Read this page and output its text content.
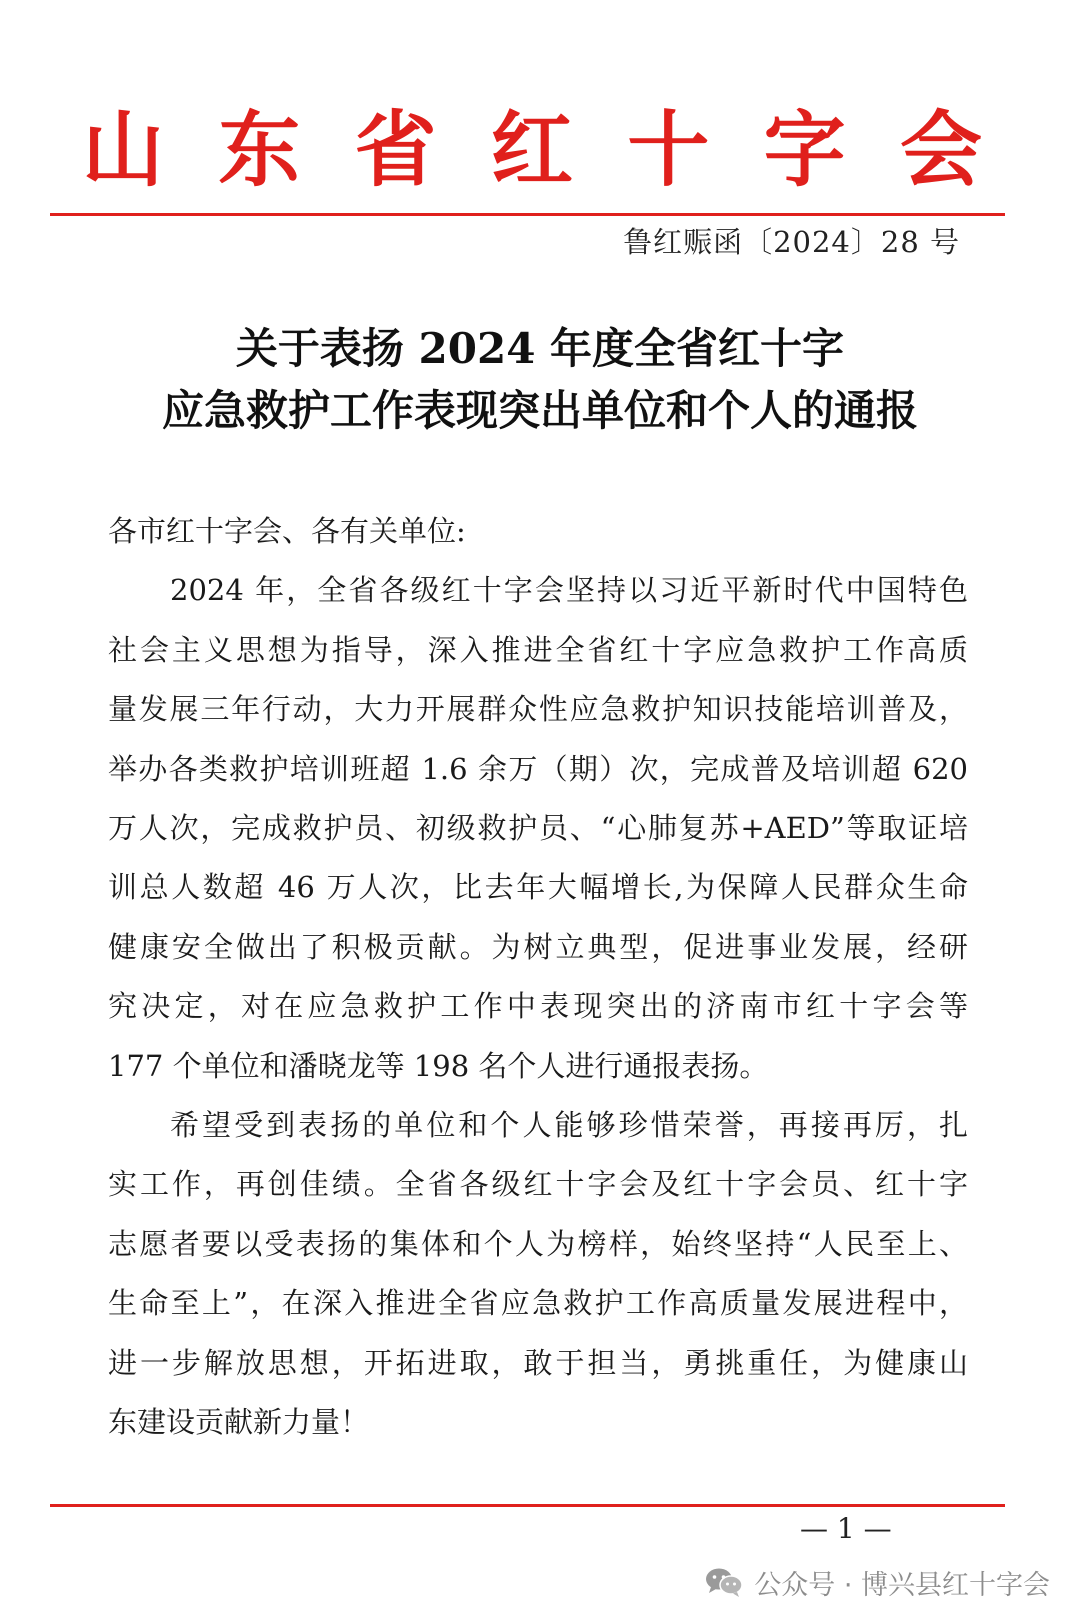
山 东 省 红 十 字 会
鲁红赈函〔2024〕28 号
关于表扬 2024 年度全省红十字
应急救护工作表现突出单位和个人的通报
各市红十字会、各有关单位:
2024 年，全省各级红十字会坚持以习近平新时代中国特色
社会主义思想为指导，深入推进全省红十字应急救护工作高质
量发展三年行动，大力开展群众性应急救护知识技能培训普及，
举办各类救护培训班超 1.6 余万（期）次，完成普及培训超 620
万人次，完成救护员、初级救护员、“心肺复苏+AED”等取证培
训总人数超 46 万人次，比去年大幅增长,为保障人民群众生命
健康安全做出了积极贡献。为树立典型，促进事业发展，经研
究决定，对在应急救护工作中表现突出的济南市红十字会等
177 个单位和潘晓龙等 198 名个人进行通报表扬。
希望受到表扬的单位和个人能够珍惜荣誉，再接再厉，扎
实工作，再创佳绩。全省各级红十字会及红十字会员、红十字
志愿者要以受表扬的集体和个人为榜样，始终坚持“人民至上、
生命至上”，在深入推进全省应急救护工作高质量发展进程中，
进一步解放思想，开拓进取，敢于担当，勇挑重任，为健康山
东建设贡献新力量！
— 1 —
公众号 · 博兴县红十字会
